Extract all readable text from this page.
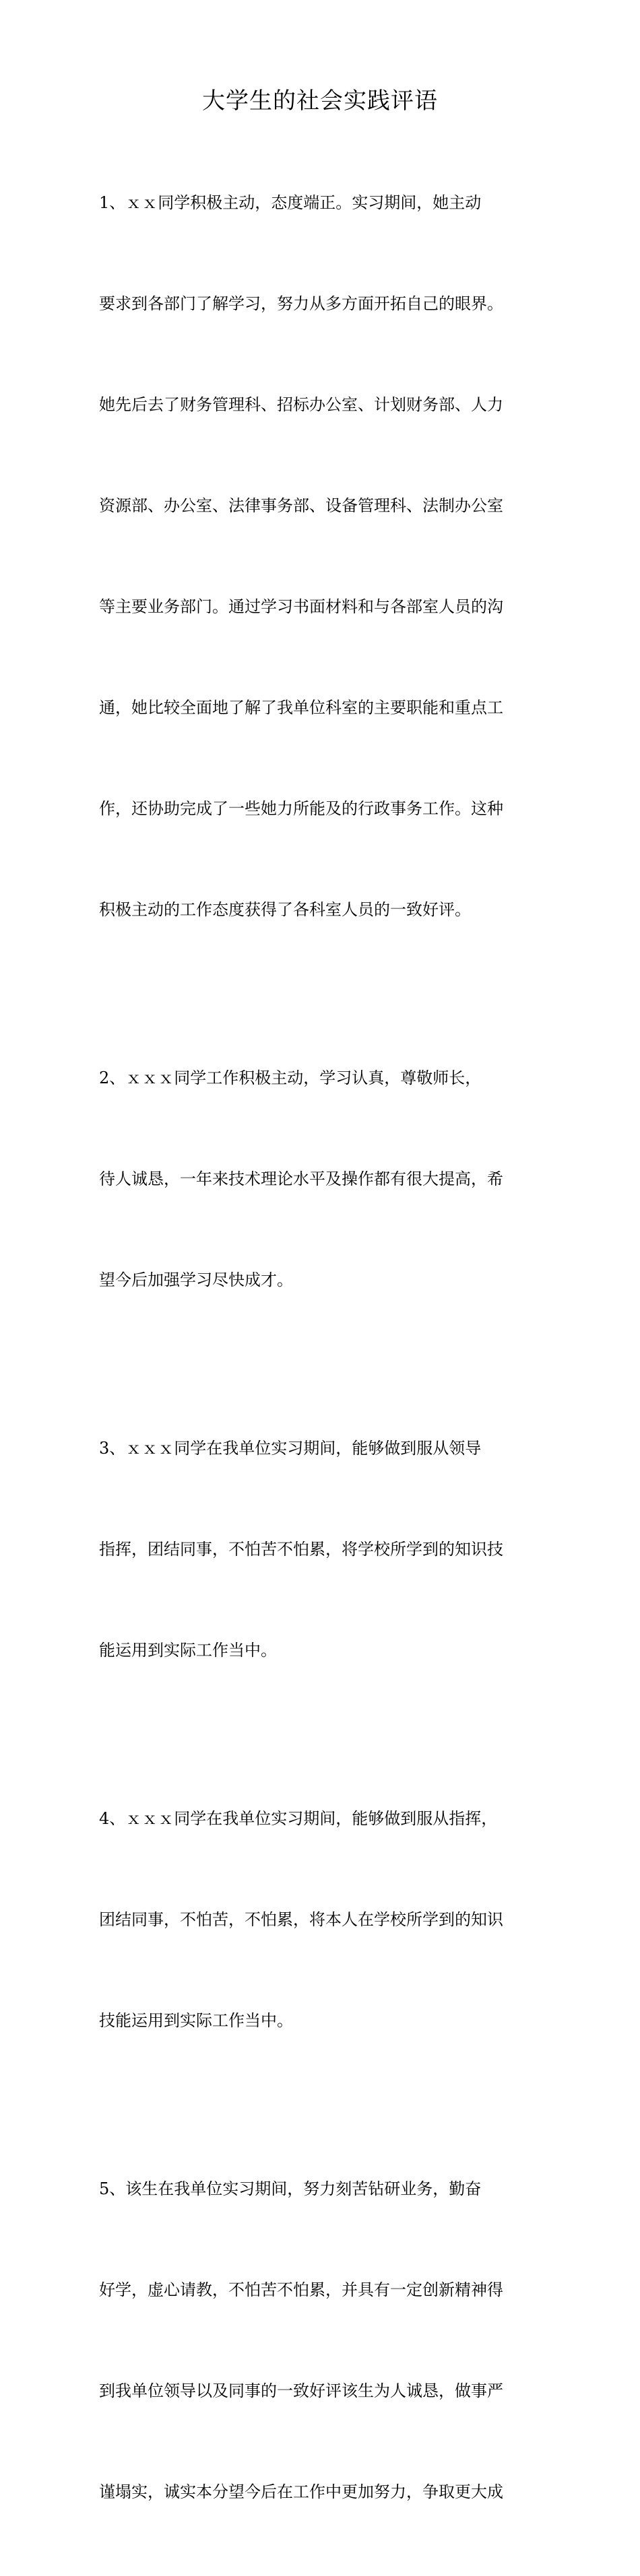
大学生的社会实践评语

1、ｘｘ同学积极主动，态度端正。实习期间，她主动

要求到各部门了解学习，努力从多方面开拓自己的眼界。

她先后去了财务管理科、招标办公室、计划财务部、人力

资源部、办公室、法律事务部、设备管理科、法制办公室

等主要业务部门。通过学习书面材料和与各部室人员的沟

通，她比较全面地了解了我单位科室的主要职能和重点工

作，还协助完成了一些她力所能及的行政事务工作。这种

积极主动的工作态度获得了各科室人员的一致好评。

2、ｘｘｘ同学工作积极主动，学习认真，尊敬师长，

待人诚恳，一年来技术理论水平及操作都有很大提高，希

望今后加强学习尽快成才。

3、ｘｘｘ同学在我单位实习期间，能够做到服从领导

指挥，团结同事，不怕苦不怕累，将学校所学到的知识技

能运用到实际工作当中。

4、ｘｘｘ同学在我单位实习期间，能够做到服从指挥，

团结同事，不怕苦，不怕累，将本人在学校所学到的知识

技能运用到实际工作当中。

5、该生在我单位实习期间，努力刻苦钻研业务，勤奋

好学，虚心请教，不怕苦不怕累，并具有一定创新精神得

到我单位领导以及同事的一致好评该生为人诚恳，做事严

谨塌实，诚实本分望今后在工作中更加努力，争取更大成
